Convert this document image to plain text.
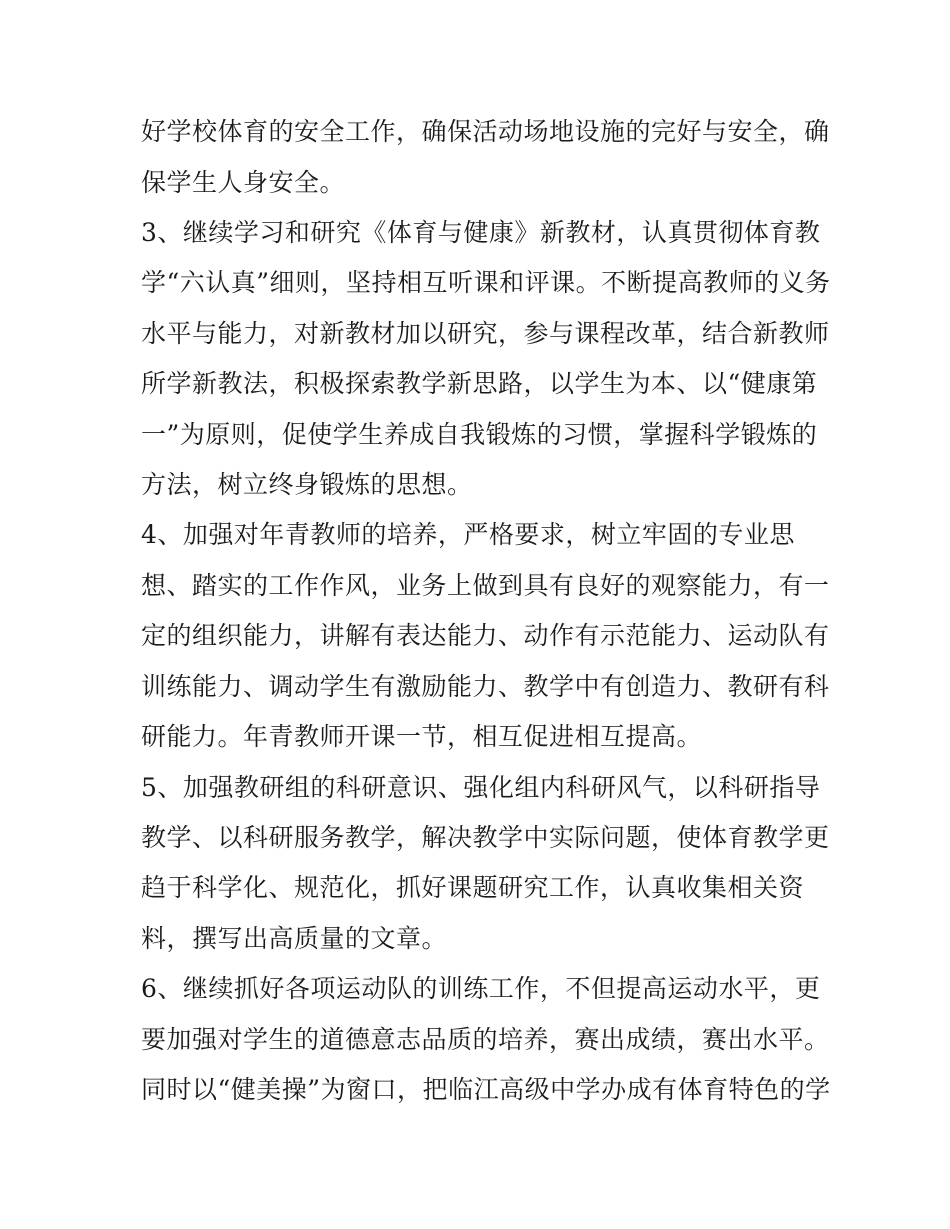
好学校体育的安全工作，确保活动场地设施的完好与安全，确
保学生人身安全。
3、继续学习和研究《体育与健康》新教材，认真贯彻体育教
学“六认真”细则，坚持相互听课和评课。不断提高教师的义务
水平与能力，对新教材加以研究，参与课程改革，结合新教师
所学新教法，积极探索教学新思路，以学生为本、以“健康第
一”为原则，促使学生养成自我锻炼的习惯，掌握科学锻炼的
方法，树立终身锻炼的思想。
4、加强对年青教师的培养，严格要求，树立牢固的专业思
想、踏实的工作作风，业务上做到具有良好的观察能力，有一
定的组织能力，讲解有表达能力、动作有示范能力、运动队有
训练能力、调动学生有激励能力、教学中有创造力、教研有科
研能力。年青教师开课一节，相互促进相互提高。
5、加强教研组的科研意识、强化组内科研风气，以科研指导
教学、以科研服务教学，解决教学中实际问题，使体育教学更
趋于科学化、规范化，抓好课题研究工作，认真收集相关资
料，撰写出高质量的文章。
6、继续抓好各项运动队的训练工作，不但提高运动水平，更
要加强对学生的道德意志品质的培养，赛出成绩，赛出水平。
同时以“健美操”为窗口，把临江高级中学办成有体育特色的学
